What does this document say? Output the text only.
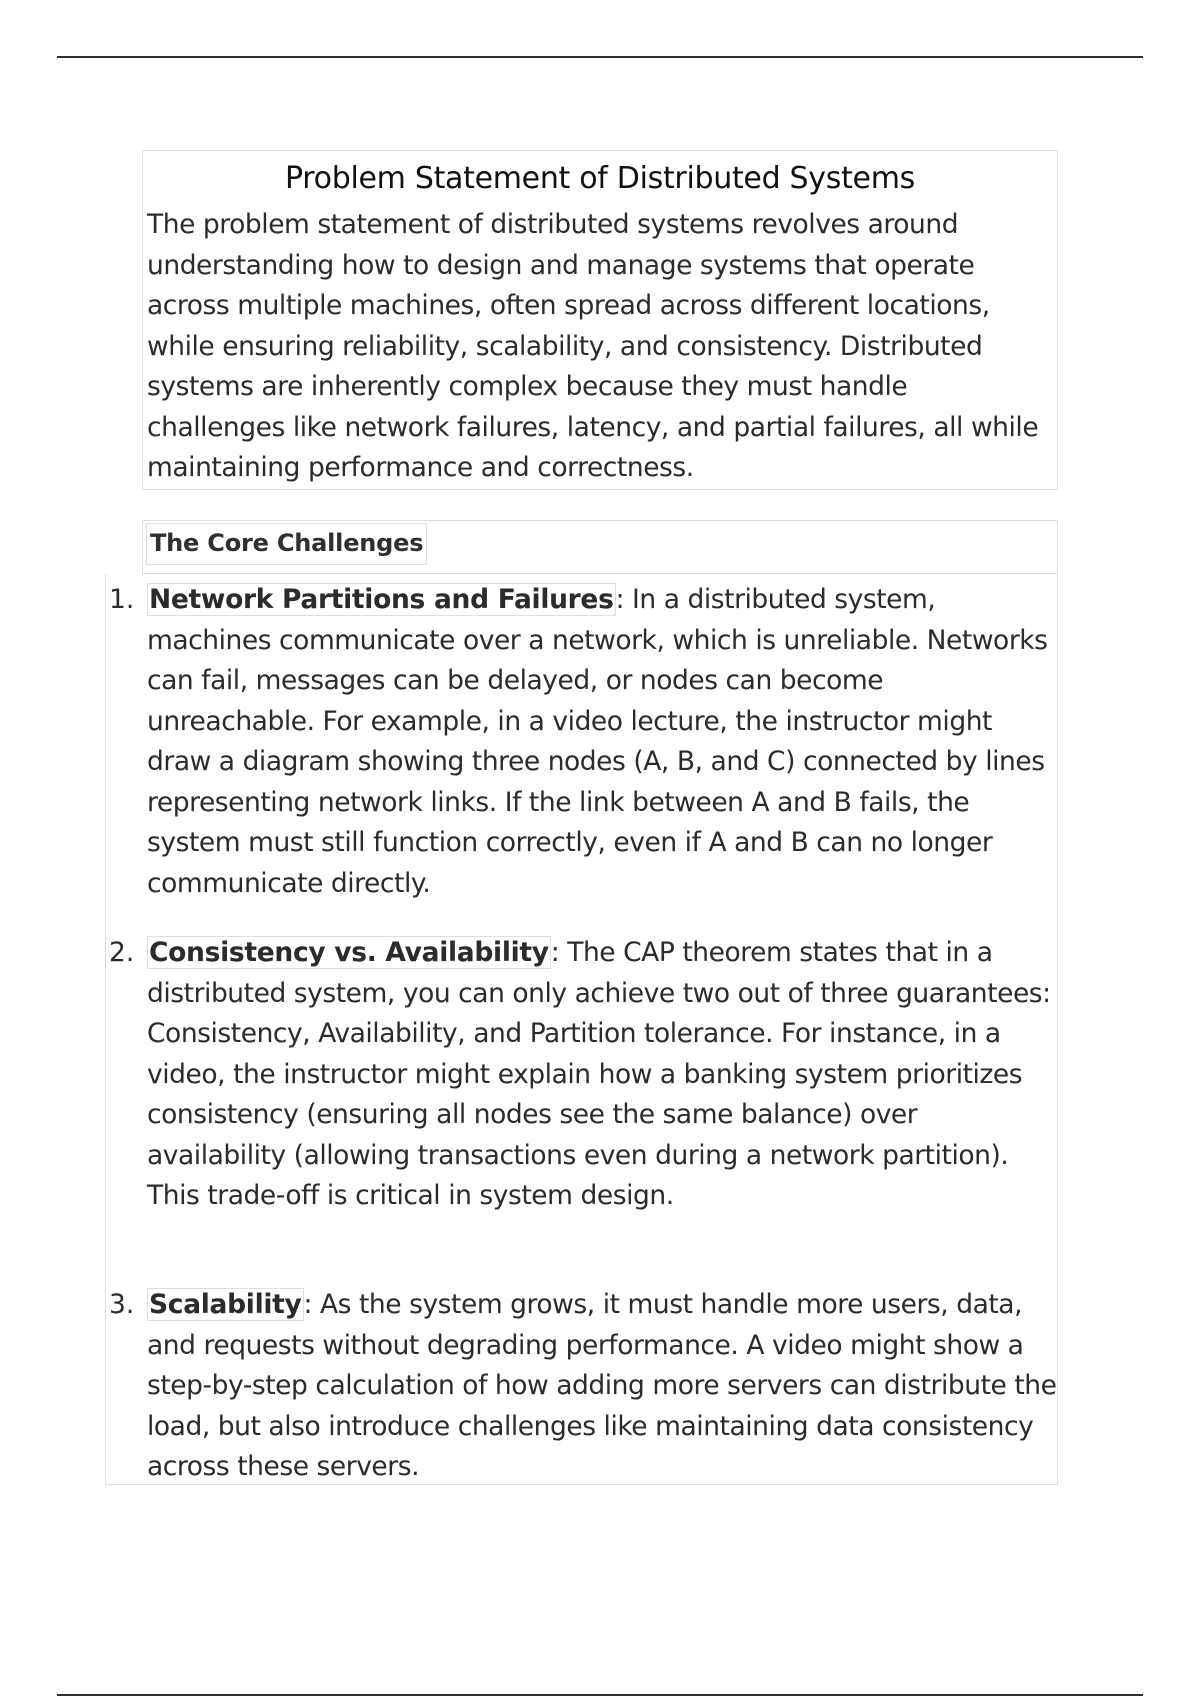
Problem Statement of Distributed Systems

The problem statement of distributed systems revolves around understanding how to design and manage systems that operate across multiple machines, often spread across different locations, while ensuring reliability, scalability, and consistency. Distributed systems are inherently complex because they must handle challenges like network failures, latency, and partial failures, all while maintaining performance and correctness.

The Core Challenges
1. Network Partitions and Failures: In a distributed system, machines communicate over a network, which is unreliable. Networks can fail, messages can be delayed, or nodes can become unreachable. For example, in a video lecture, the instructor might draw a diagram showing three nodes (A, B, and C) connected by lines representing network links. If the link between A and B fails, the system must still function correctly, even if A and B can no longer communicate directly.
2. Consistency vs. Availability: The CAP theorem states that in a distributed system, you can only achieve two out of three guarantees: Consistency, Availability, and Partition tolerance. For instance, in a video, the instructor might explain how a banking system prioritizes consistency (ensuring all nodes see the same balance) over availability (allowing transactions even during a network partition). This trade-off is critical in system design.
3. Scalability: As the system grows, it must handle more users, data, and requests without degrading performance. A video might show a step-by-step calculation of how adding more servers can distribute the load, but also introduce challenges like maintaining data consistency across these servers.
